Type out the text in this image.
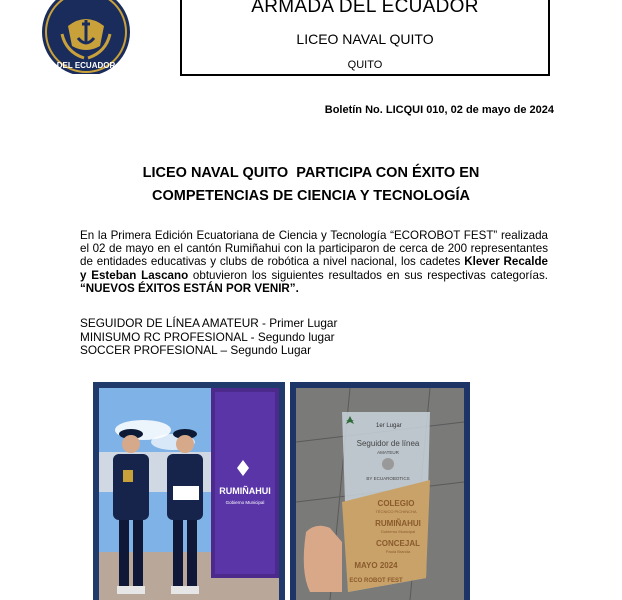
DEL ECUADOR
ARMADA DEL ECUADOR
LICEO NAVAL QUITO
QUITO
Boletín No. LICQUI 010, 02 de mayo de 2024
LICEO NAVAL QUITO  PARTICIPA CON ÉXITO EN
COMPETENCIAS DE CIENCIA Y TECNOLOGÍA
En la Primera Edición Ecuatoriana de Ciencia y Tecnología “ECOROBOT FEST” realizada el 02 de mayo en el cantón Rumiñahui con la participaron de cerca de 200 representantes de entidades educativas y clubs de robótica a nivel nacional, los cadetes Klever Recalde y Esteban Lascano obtuvieron los siguientes resultados en sus respectivas categorías. “NUEVOS ÉXITOS ESTÁN POR VENIR”.
SEGUIDOR DE LÍNEA AMATEUR - Primer Lugar
MINISUMO RC PROFESIONAL - Segundo lugar
SOCCER PROFESIONAL – Segundo Lugar
RUMIÑAHUI
Gobierno Municipal
1er Lugar
Seguidor de línea
AMATEUR
BY ECUAROBOTICS
COLEGIO
TÉCNICO PICHINCHA
RUMIÑAHUI
Gobierno Municipal
CONCEJAL
Paola Branda
MAYO 2024
ECO ROBOT FEST
